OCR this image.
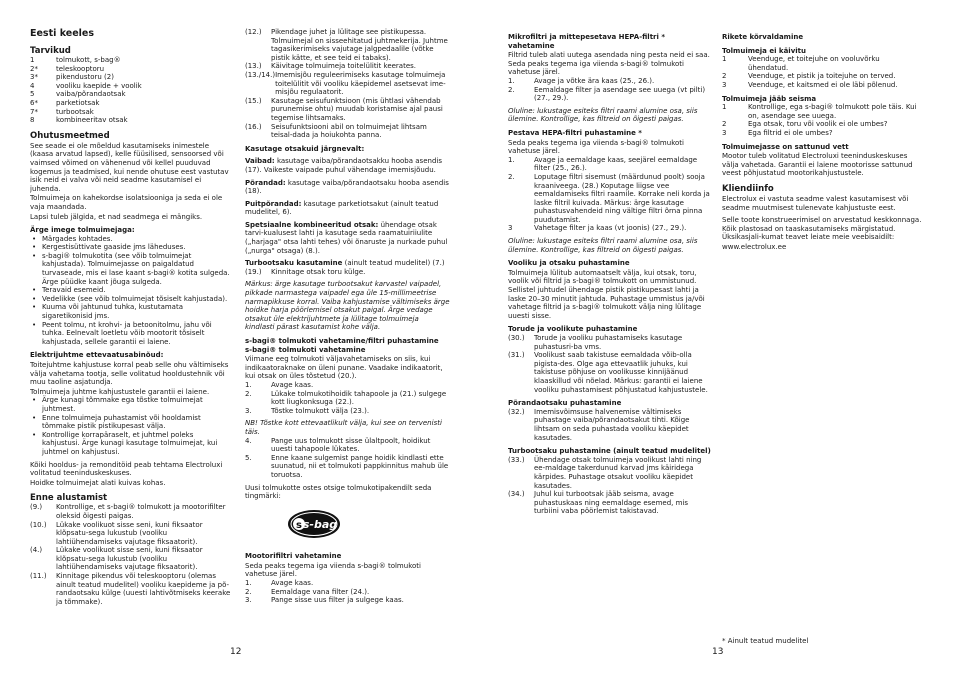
Eesti keeles
Tarvikud
1	tolmukott, s-bag®
2*	teleskooptoru
3*	pikendustoru (2)
4	vooliku kaepide + voolik
5	vaiba/põrandaotsak
6*	parketiotsak
7*	turbootsak
8	kombineeritav otsak
Ohutusmeetmed
See seade ei ole mõeldud kasutamiseks inimestele (kaasa arvatud lapsed), kelle füüsilised, sensoorsed või vaimsed võimed on vähenenud või kellel puuduvad kogemus ja teadmised, kui nende ohutuse eest vastutav isik neid ei valva või neid seadme kasutamisel ei juhenda.
Tolmuimeja on kahekordse isolatsiooniga ja seda ei ole vaja maandada.
Lapsi tuleb jälgida, et nad seadmega ei mängiks.
Ärge imege tolmuimejaga:
• Märgades kohtades.
• Kergestisüttivate gaaside jms läheduses.
• s-bagi® tolmukotita (see võib tolmuimejat kahjustada). Tolmuimejasse on paigaldatud turvaseade, mis ei lase kaant s-bagi® kotita sulgeda. Ärge püüdke kaant jõuga sulgeda.
• Teravaid esemeid.
• Vedelikke (see võib tolmuimejat tõsiselt kahjustada).
• Kuuma või jahtunud tuhka, kustutamata sigaretikonisid jms.
• Peent tolmu, nt krohvi- ja betoonitolmu, jahu või tuhka. Eelnevalt loetletu võib mootorit tõsiselt kahjustada, sellele garantii ei laiene.
Elektrijuhtme ettevaatusabinõud:
Toitejuhtme kahjustuse korral peab selle ohu vältimiseks välja vahetama tootja, selle volitatud hooldustehnik või muu taoline asjatundja.
Tolmuimeja juhtme kahjustustele garantii ei laiene.
• Ärge kunagi tõmmake ega tõstke tolmuimejat juhtmest.
• Enne tolmuimeja puhastamist või hooldamist tõmmake pistik pistikupesast välja.
• Kontrollige korrapäraselt, et juhtmel poleks kahjustusi. Ärge kunagi kasutage tolmuimejat, kui juhtmel on kahjustusi.
Kõiki hooldus- ja remonditöid peab tehtama Electroluxi volitatud teeninduskeskuses.
Hoidke tolmuimejat alati kuivas kohas.
Enne alustamist
(9.)	Kontrollige, et s-bagi® tolmukott ja mootorifilter oleksid õigesti paigas.
(10.)	Lükake voolikuot sisse seni, kuni fiksaator klõpsatu-sega lukustub (vooliku lahtiühendamiseks vajutage fiksaatorit).
(4.)	Lükake voolikuot sisse seni, kuni fiksaator klõpsatu-sega lukustub (vooliku lahtiühendamiseks vajutage fiksaatorit).
(11.)	Kinnitage pikendus või teleskooptoru (olemas ainult teatud mudelitel) vooliku kaepideme ja põ-randaotsaku külge (uuesti lahtivõtmiseks keerake ja tõmmake).
(12.)	Pikendage juhet ja lülitage see pistikupessa. Tolmuimejal on sisseehitatud juhtmekerija. Juhtme tagasikerimiseks vajutage jalgpedaalile (võtke pistik kätte, et see teid ei tabaks).
(13.)	Käivitage tolmuimeja toitelülitit keerates.
(13./14.) Imemisjõu reguleerimiseks kasutage tolmuimeja toitelülitit või vooliku käepidemel asetsevat ime-misjõu regulaatorit.
(15.)	Kasutage seisufunktsioon (mis ühtlasi vähendab purunemise ohtu) muudab koristamise ajal pausi tegemise lihtsamaks.
(16.)	Seisufunktsiooni abil on tolmuimejat lihtsam teisal-dada ja hoiukohta panna.
Kasutage otsakuid järgnevalt:
Vaibad: kasutage vaiba/põrandaotsakku hooba asendis (17). Vaikeste vaipade puhul vähendage imemisjõudu.
Põrandad: kasutage vaiba/põrandaotsaku hooba asendis (18).
Puitpõrandad: kasutage parketiotsakut (ainult teatud mudelitel, 6).
Spetsiaalne kombineeritud otsak: ühendage otsak tarvi-kualusest lahti ja kasutage seda raamatuiriiulite („harjaga" otsa lahti tehes) või õnaruste ja nurkade puhul („nurga" otsaga) (8.).
Turbootsaku kasutamine (ainult teatud mudelitel) (7.)
(19.)	Kinnitage otsak toru külge.
Märkus: ärge kasutage turbootsakut karvastel vaipadel, pikkade narmastega vaipadel ega üle 15-millimeetrise narmapikkuse korral. Vaiba kahjustamise vältimiseks ärge hoidke harja pöörlemisel otsakut paigal. Ärge vedage otsakut üle elektrijuhtmete ja lülitage tolmuimeja kindlasti pärast kasutamist kohe välja.
s-bagi® tolmukoti vahetamine/filtri puhastamine
s-bagi® tolmukoti vahetamine
Viimane eeg tolmukoti väljavahetamiseks on siis, kui indikaatoraknake on üleni punane. Vaadake indikaatorit, kui otsak on üles tõstetud (20.).
1.	Avage kaas.
2.	Lükake tolmukotihoidik tahapoole ja (21.) sulgege kott liugkonksuga (22.).
3.	Tõstke tolmukott välja (23.).
NB! Tõstke kott ettevaatlikult välja, kui see on tervenisti täis.
4.	Pange uus tolmukott sisse ülaltpoolt, hoidikut uuesti tahapoole lükates.
5.	Enne kaane sulgemist pange hoidik kindlasti ette suunatud, nii et tolmukoti pappkinnitus mahub üle toruotsa.
Uusi tolmukotte ostes otsige tolmukotipakendilt seda tingmärki:
s s-bag
Mootorifiltri vahetamine
Seda peaks tegema iga viienda s-bagi® tolmukoti vahetuse järel.
1.	Avage kaas.
2.	Eemaldage vana filter (24.).
3.	Pange sisse uus filter ja sulgege kaas.
Mikrofiltri ja mittepesetava HEPA-filtri * vahetamine
Filtrid tuleb alati uutega asendada ning pesta neid ei saa. Seda peaks tegema iga viienda s-bagi® tolmukoti vahetuse järel.
1.	Avage ja võtke ära kaas (25., 26.).
2.	Eemaldage filter ja asendage see uuega (vt pilti) (27., 29.).
Oluline: lukustage esiteks filtri raami alumine osa, siis ülemine. Kontrollige, kas filtreid on õigesti paigas.
Pestava HEPA-filtri puhastamine *
Seda peaks tegema iga viienda s-bagi® tolmukoti vahetuse järel.
1.	Avage ja eemaldage kaas, seejärel eemaldage filter (25., 26.).
2.	Loputage filtri sisemust (määrdunud poolt) sooja kraaniveega. (28.) Koputage liigse vee eemaldamiseks filtri raamile. Korrake neli korda ja laske filtril kuivada. Märkus: ärge kasutage puhastusvahendeid ning vältige filtri õrna pinna puudutamist.
3	Vahetage filter ja kaas (vt joonis) (27., 29.).
Oluline: lukustage esiteks filtri raami alumine osa, siis ülemine. Kontrollige, kas filtreid on õigesti paigas.
Vooliku ja otsaku puhastamine
Tolmuimeja lülitub automaatselt välja, kui otsak, toru, voolik või filtrid ja s-bagi® tolmukott on ummistunud. Sellistel juhtudel ühendage pistik pistikupesast lahti ja laske 20–30 minutit jahtuda. Puhastage ummistus ja/või vahetage filtrid ja s-bagi® tolmukott välja ning lülitage uuesti sisse.
Torude ja voolikute puhastamine
(30.)	Torude ja vooliku puhastamiseks kasutage puhastusri-ba vms.
(31.)	Voolikust saab takistuse eemaldada võib-olla pigista-des. Olge aga ettevaatlik juhuks, kui takistuse põhjuse on voolikusse kinnijäänud klaaskillud või nõelad. Märkus: garantii ei laiene vooliku puhastamisest põhjustatud kahjustustele.
Põrandaotsaku puhastamine
(32.)	Imemisvõimsuse halvenemise vältimiseks puhastage vaiba/põrandaotsakut tihti. Kõige lihtsam on seda puhastada vooliku käepidet kasutades.
Turbootsaku puhastamine (ainult teatud mudelitel)
(33.)	Ühendage otsak tolmuimeja voolikust lahti ning ee-maldage takerdunud karvad jms käiridega kärpides. Puhastage otsakut vooliku käepidet kasutades.
(34.)	Juhul kui turbootsak jääb seisma, avage puhastuskaas ning eemaldage esemed, mis turbiini vaba pöörlemist takistavad.
Rikete kõrvaldamine
Tolmuimeja ei käivitu
1	Veenduge, et toitejuhe on vooluvõrku ühendatud.
2	Veenduge, et pistik ja toitejuhe on terved.
3	Veenduge, et kaitsmed ei ole läbi põlenud.
Tolmuimeja jääb seisma
1	Kontrollige, ega s-bagi® tolmukott pole täis. Kui on, asendage see uuega.
2	Ega otsak, toru või voolik ei ole umbes?
3	Ega filtrid ei ole umbes?
Tolmuimejasse on sattunud vett
Mootor tuleb volitatud Electroluxi teeninduskeskuses välja vahetada. Garantii ei laiene mootorisse sattunud veest põhjustatud mootorikahjustustele.
Kliendiinfo
Electrolux ei vastuta seadme valest kasutamisest või seadme muutmisest tulenevate kahjustuste eest.
Selle toote konstrueerimisel on arvestatud keskkonnaga. Kõik plastosad on taaskasutamiseks märgistatud. Üksikasjali-kumat teavet leiate meie veebisaidilt:
www.electrolux.ee
* Ainult teatud mudelitel
12	13
